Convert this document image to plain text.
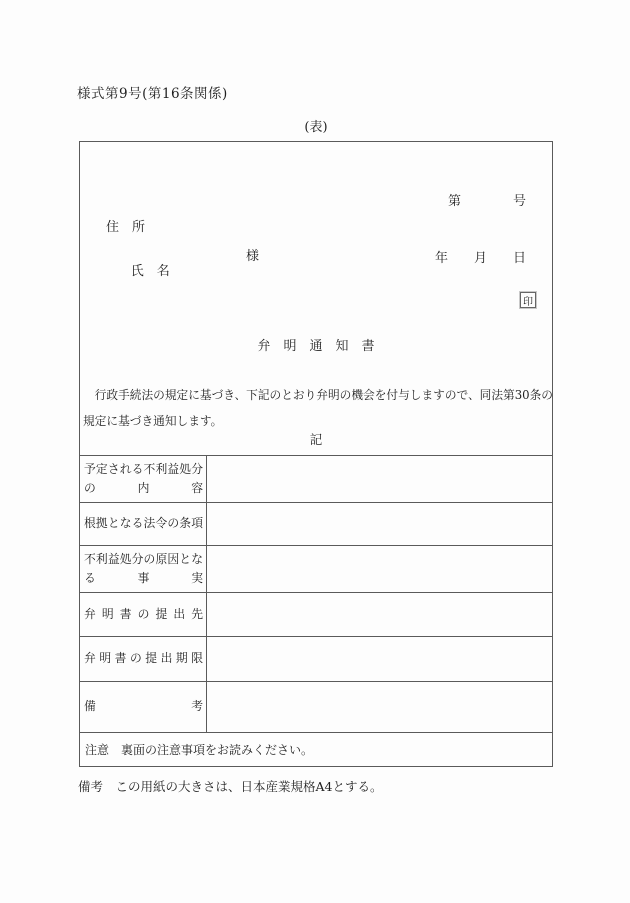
様式第9号(第16条関係)
(表)

第　　　　号

年　　月　　日

住　所

氏　名

様

印
弁　明　通　知　書
　行政手続法の規定に基づき、下記のとおり弁明の機会を付与しますので、同法第30条の
規定に基づき通知します。
記
予定される不利益処分
の内容
根拠となる法令の条項
不利益処分の原因とな
る事実
弁明書の提出先
弁明書の提出期限
備考
注意　裏面の注意事項をお読みください。
備考　この用紙の大きさは、日本産業規格A4とする。
